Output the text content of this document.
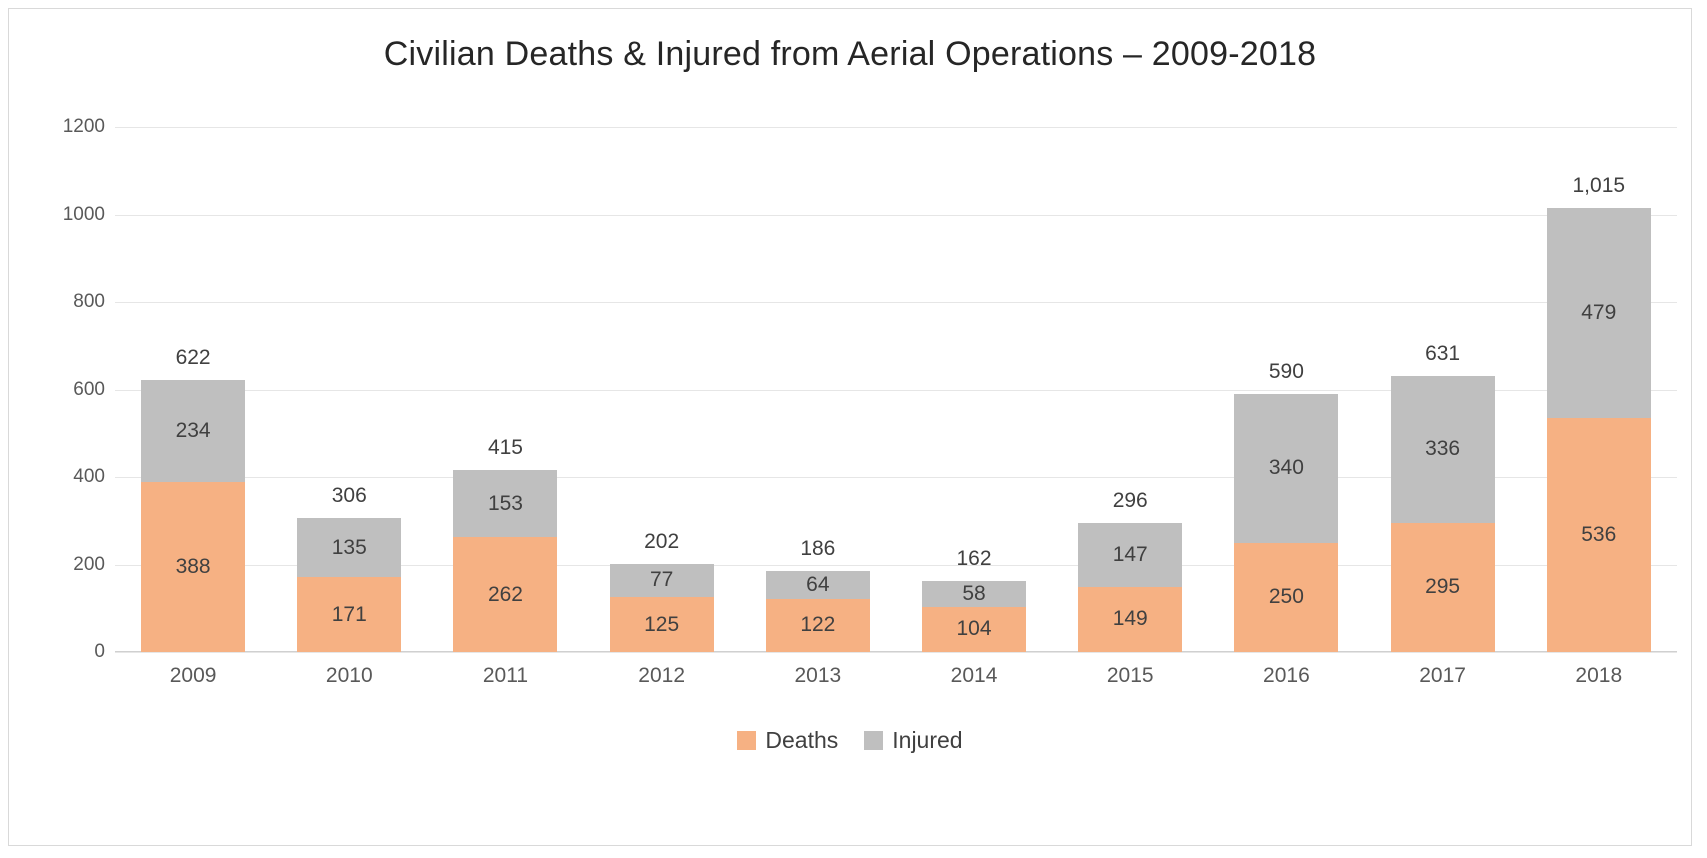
Civilian Deaths & Injured from Aerial Operations – 2009-2018
0
200
400
600
800
1000
1200
234
388
622
135
171
306	153
262
415
77
125
202
64
122
186
58
104
162	147
149
296
340
250
590
336
295
631
479
536
1,015
2009	2010	2011	2012	2013	2014	2015	2016	2017	2018
Deaths Injured
